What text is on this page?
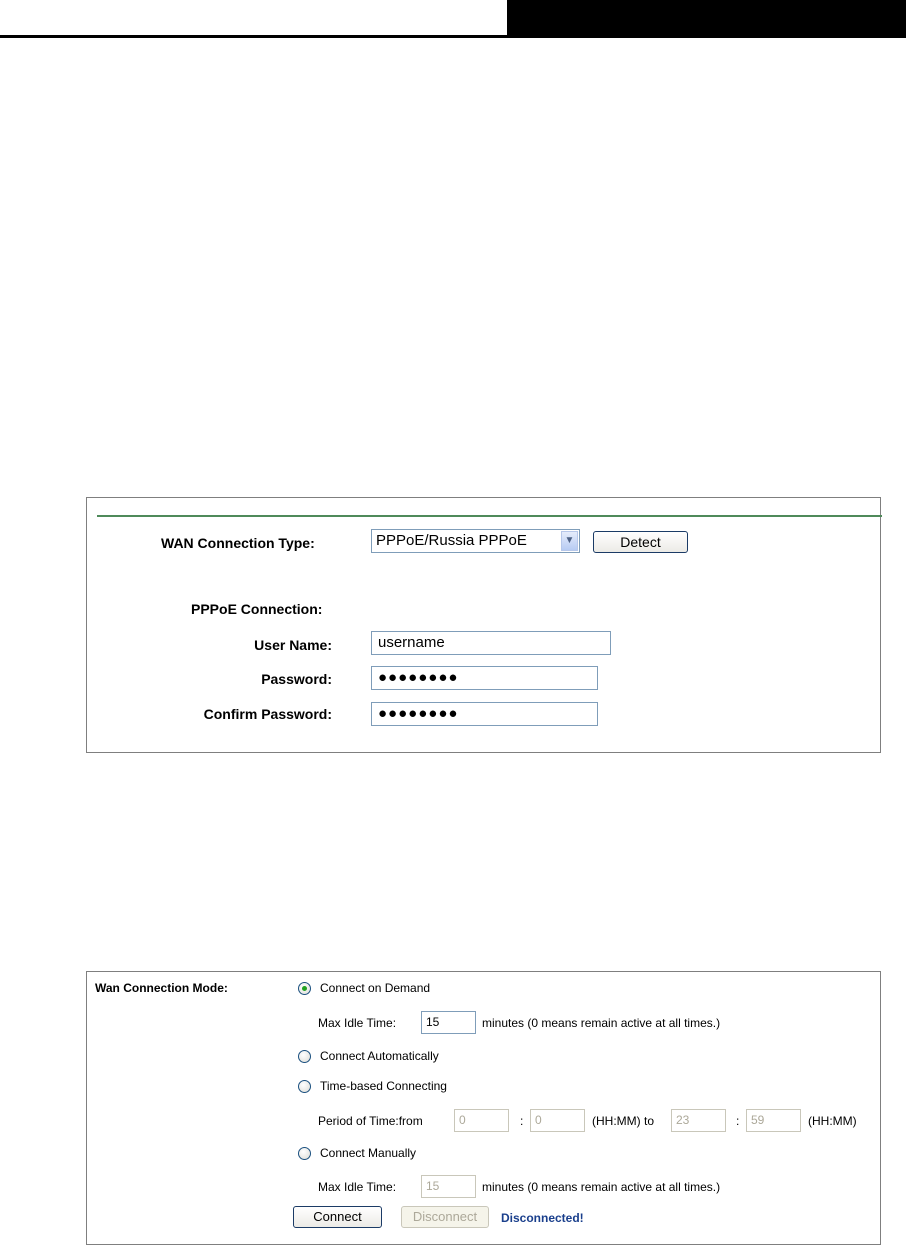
WAN Connection Type:	PPPoE/Russia PPPoE	▼	Detect
PPPoE Connection:
User Name:	username
Password:	●●●●●●●●
Confirm Password:	●●●●●●●●
Wan Connection Mode:	Connect on Demand
Max Idle Time:	15	minutes (0 means remain active at all times.)
Connect Automatically
Time-based Connecting
Period of Time:from	0	: 0	(HH:MM) to	23	: 59	(HH:MM)
Connect Manually
Max Idle Time:	15	minutes (0 means remain active at all times.)
Connect	Disconnect	Disconnected!
